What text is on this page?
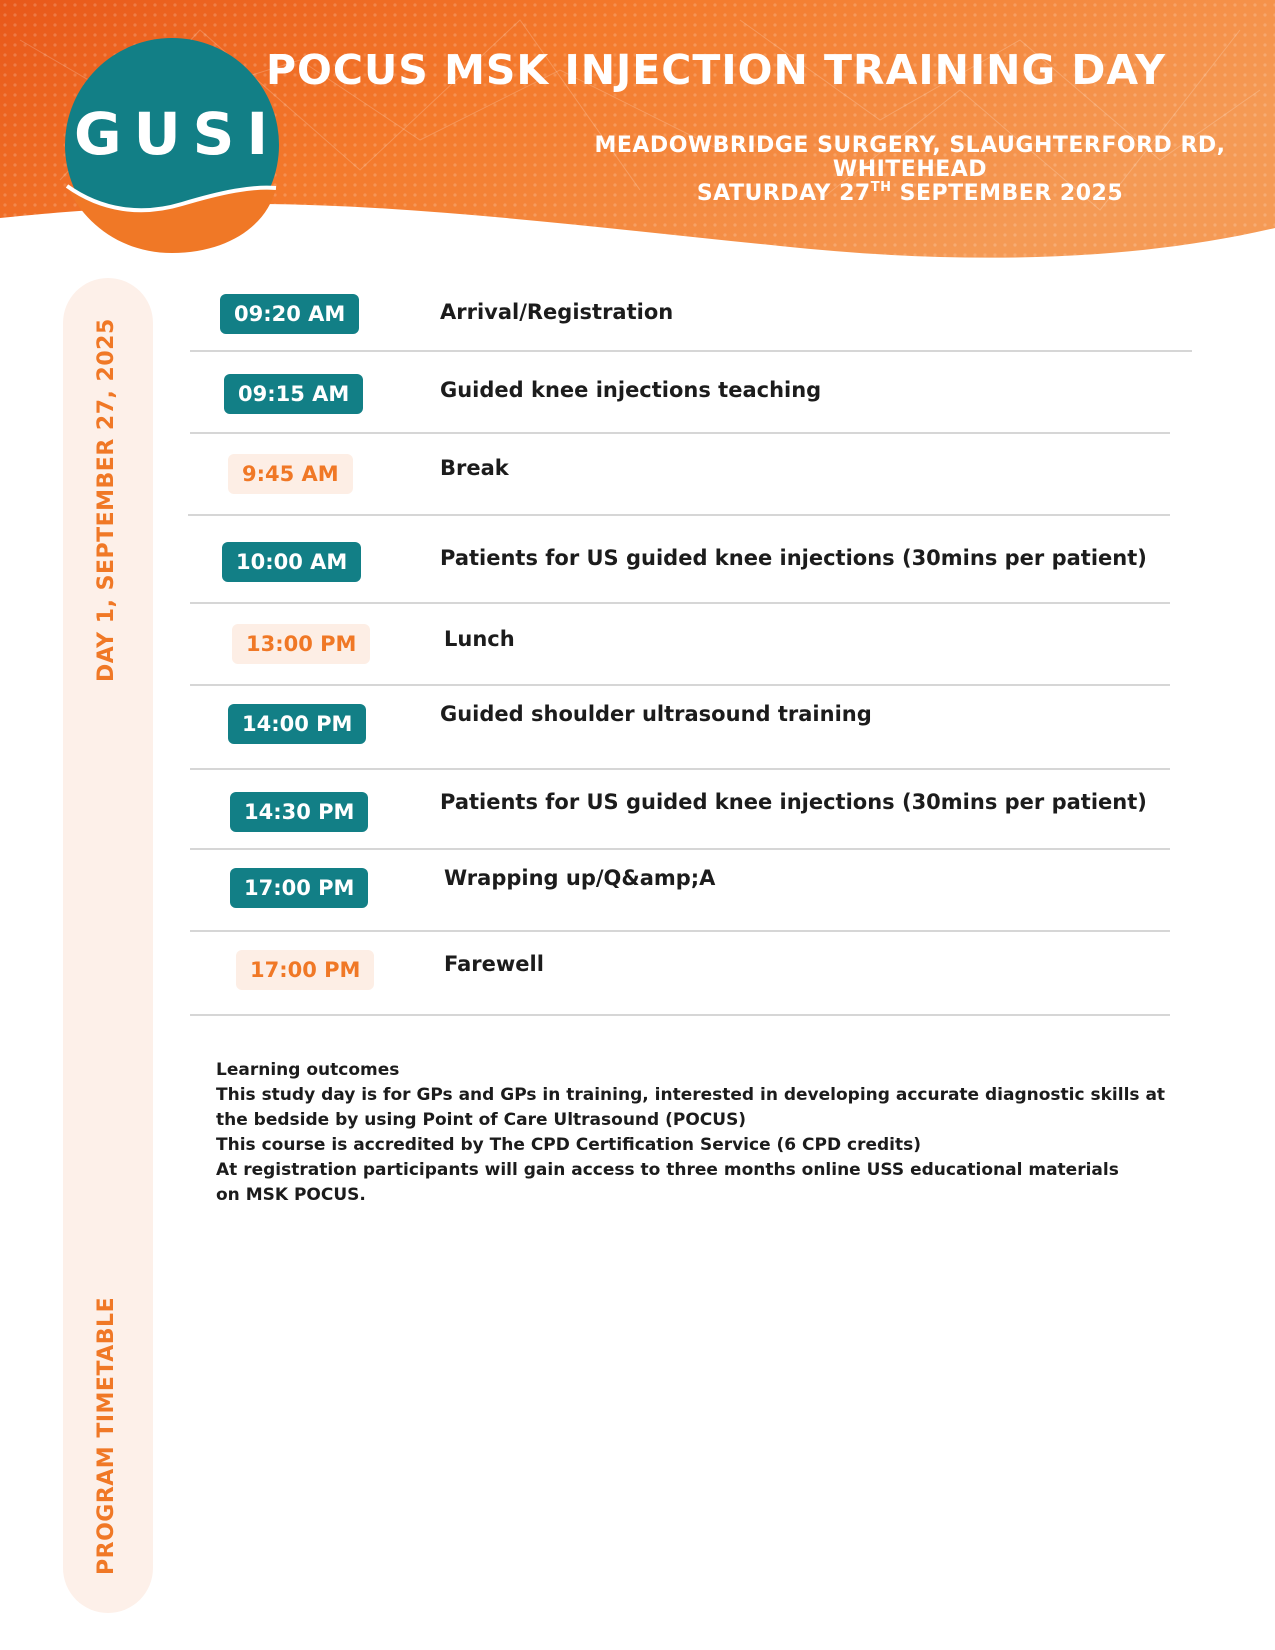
GUSI
POCUS MSK INJECTION TRAINING DAY
MEADOWBRIDGE SURGERY, SLAUGHTERFORD RD,
WHITEHEAD
SATURDAY 27TH SEPTEMBER 2025
DAY 1, SEPTEMBER 27, 2025
PROGRAM TIMETABLE
09:20 AM	Arrival/Registration
09:15 AM	Guided knee injections teaching
9:45 AM	Break
10:00 AM	Patients for US guided knee injections (30mins per patient)
13:00 PM	Lunch
14:00 PM	Guided shoulder ultrasound training
14:30 PM	Patients for US guided knee injections (30mins per patient)
17:00 PM	Wrapping up/Q&amp;A
17:00 PM	Farewell
Learning outcomes
This study day is for GPs and GPs in training, interested in developing accurate diagnostic skills at
the bedside by using Point of Care Ultrasound (POCUS)
This course is accredited by The CPD Certification Service (6 CPD credits)
At registration participants will gain access to three months online USS educational materials
on MSK POCUS.
